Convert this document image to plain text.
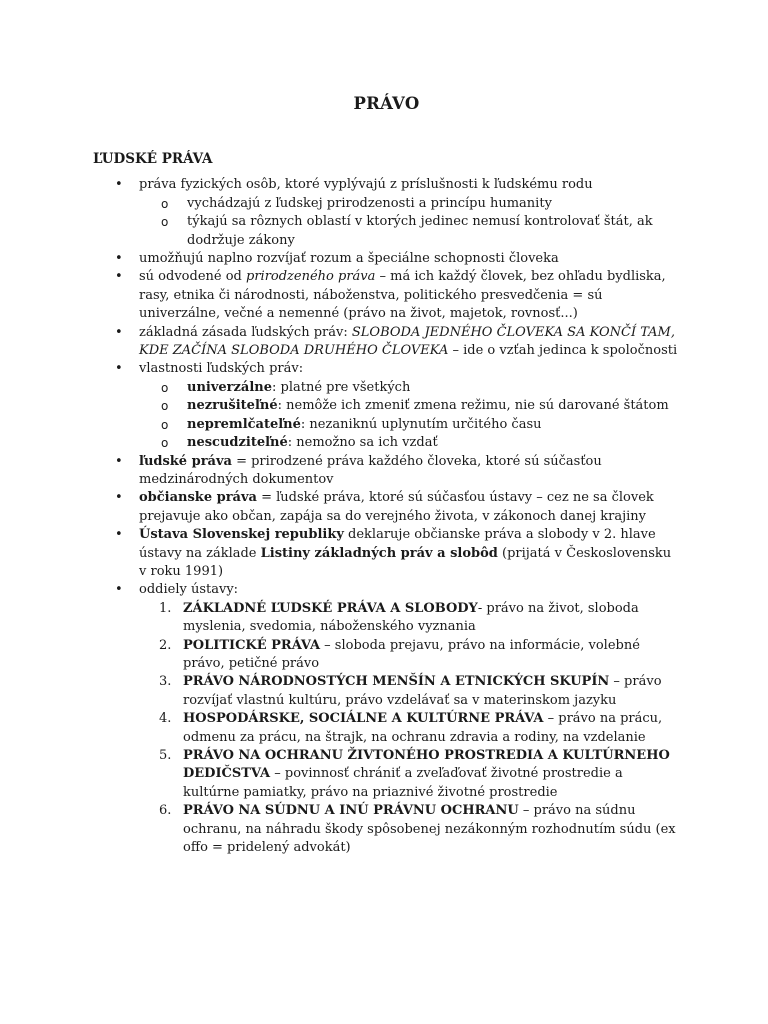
PRÁVO
ĽUDSKÉ PRÁVA
• práva fyzických osôb, ktoré vyplývajú z príslušnosti k ľudskému rodu
o vychádzajú z ľudskej prirodzenosti a princípu humanity
o týkajú sa rôznych oblastí v ktorých jedinec nemusí kontrolovať štát, ak dodržuje zákony
• umožňujú naplno rozvíjať rozum a špeciálne schopnosti človeka
• sú odvodené od prirodzeného práva – má ich každý človek, bez ohľadu bydliska, rasy, etnika či národnosti, náboženstva, politického presvedčenia = sú univerzálne, večné a nemenné (právo na život, majetok, rovnosť...)
• základná zásada ľudských práv: SLOBODA JEDNÉHO ČLOVEKA SA KONČÍ TAM, KDE ZAČÍNA SLOBODA DRUHÉHO ČLOVEKA – ide o vzťah jedinca k spoločnosti
• vlastnosti ľudských práv:
o univerzálne: platné pre všetkých
o nezrušiteľné: nemôže ich zmeniť zmena režimu, nie sú darované štátom
o nepremlčateľné: nezaniknú uplynutím určitého času
o nescudziteľné: nemožno sa ich vzdať
• ľudské práva = prirodzené práva každého človeka, ktoré sú súčasťou medzinárodných dokumentov
• občianske práva = ľudské práva, ktoré sú súčasťou ústavy – cez ne sa človek prejavuje ako občan, zapája sa do verejného života, v zákonoch danej krajiny
• Ústava Slovenskej republiky deklaruje občianske práva a slobody v 2. hlave ústavy na základe Listiny základných práv a slobôd (prijatá v Československu v roku 1991)
• oddiely ústavy:
1. ZÁKLADNÉ ĽUDSKÉ PRÁVA A SLOBODY- právo na život, sloboda myslenia, svedomia, náboženského vyznania
2. POLITICKÉ PRÁVA – sloboda prejavu, právo na informácie, volebné právo, petičné právo
3. PRÁVO NÁRODNOSTÝCH MENŠÍN A ETNICKÝCH SKUPÍN – právo rozvíjať vlastnú kultúru, právo vzdelávať sa v materinskom jazyku
4. HOSPODÁRSKE, SOCIÁLNE A KULTÚRNE PRÁVA – právo na prácu, odmenu za prácu, na štrajk, na ochranu zdravia a rodiny, na vzdelanie
5. PRÁVO NA OCHRANU ŽIVTONÉHO PROSTREDIA A KULTÚRNEHO DEDIČSTVA – povinnosť chrániť a zveľaďovať životné prostredie a kultúrne pamiatky, právo na priaznivé životné prostredie
6. PRÁVO NA SÚDNU A INÚ PRÁVNU OCHRANU – právo na súdnu ochranu, na náhradu škody spôsobenej nezákonným rozhodnutím súdu (ex offo = pridelený advokát)
